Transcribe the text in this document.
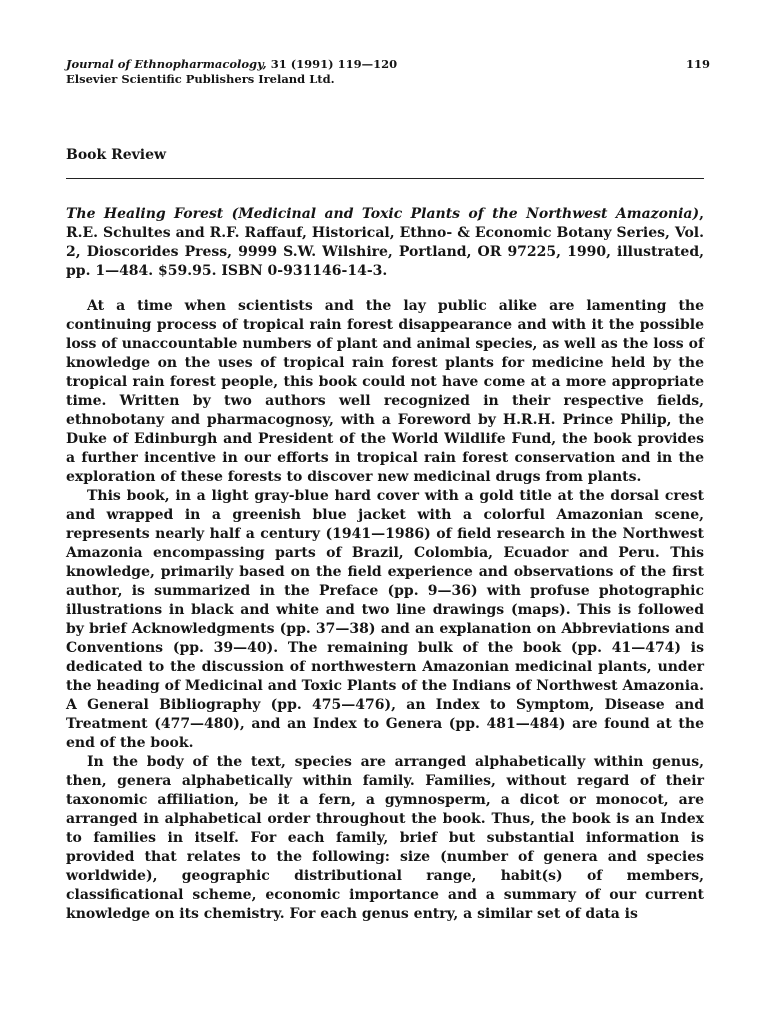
Journal of Ethnopharmacology, 31 (1991) 119—120
Elsevier Scientific Publishers Ireland Ltd.
119
Book Review
The Healing Forest (Medicinal and Toxic Plants of the Northwest Amazonia), R.E. Schultes and R.F. Raffauf, Historical, Ethno- & Economic Botany Series, Vol. 2, Dioscorides Press, 9999 S.W. Wilshire, Portland, OR 97225, 1990, illustrated, pp. 1—484. $59.95. ISBN 0-931146-14-3.

At a time when scientists and the lay public alike are lamenting the continuing process of tropical rain forest disappearance and with it the possible loss of unaccountable numbers of plant and animal species, as well as the loss of knowledge on the uses of tropical rain forest plants for medicine held by the tropical rain forest people, this book could not have come at a more appropriate time. Written by two authors well recognized in their respective fields, ethnobotany and pharmacognosy, with a Foreword by H.R.H. Prince Philip, the Duke of Edinburgh and President of the World Wildlife Fund, the book provides a further incentive in our efforts in tropical rain forest conservation and in the exploration of these forests to discover new medicinal drugs from plants.

This book, in a light gray-blue hard cover with a gold title at the dorsal crest and wrapped in a greenish blue jacket with a colorful Amazonian scene, represents nearly half a century (1941—1986) of field research in the Northwest Amazonia encompassing parts of Brazil, Colombia, Ecuador and Peru. This knowledge, primarily based on the field experience and observations of the first author, is summarized in the Preface (pp. 9—36) with profuse photographic illustrations in black and white and two line drawings (maps). This is followed by brief Acknowledgments (pp. 37—38) and an explanation on Abbreviations and Conventions (pp. 39—40). The remaining bulk of the book (pp. 41—474) is dedicated to the discussion of northwestern Amazonian medicinal plants, under the heading of Medicinal and Toxic Plants of the Indians of Northwest Amazonia. A General Bibliography (pp. 475—476), an Index to Symptom, Disease and Treatment (477—480), and an Index to Genera (pp. 481—484) are found at the end of the book.

In the body of the text, species are arranged alphabetically within genus, then, genera alphabetically within family. Families, without regard of their taxonomic affiliation, be it a fern, a gymnosperm, a dicot or monocot, are arranged in alphabetical order throughout the book. Thus, the book is an Index to families in itself. For each family, brief but substantial information is provided that relates to the following: size (number of genera and species worldwide), geographic distributional range, habit(s) of members, classificational scheme, economic importance and a summary of our current knowledge on its chemistry. For each genus entry, a similar set of data is
